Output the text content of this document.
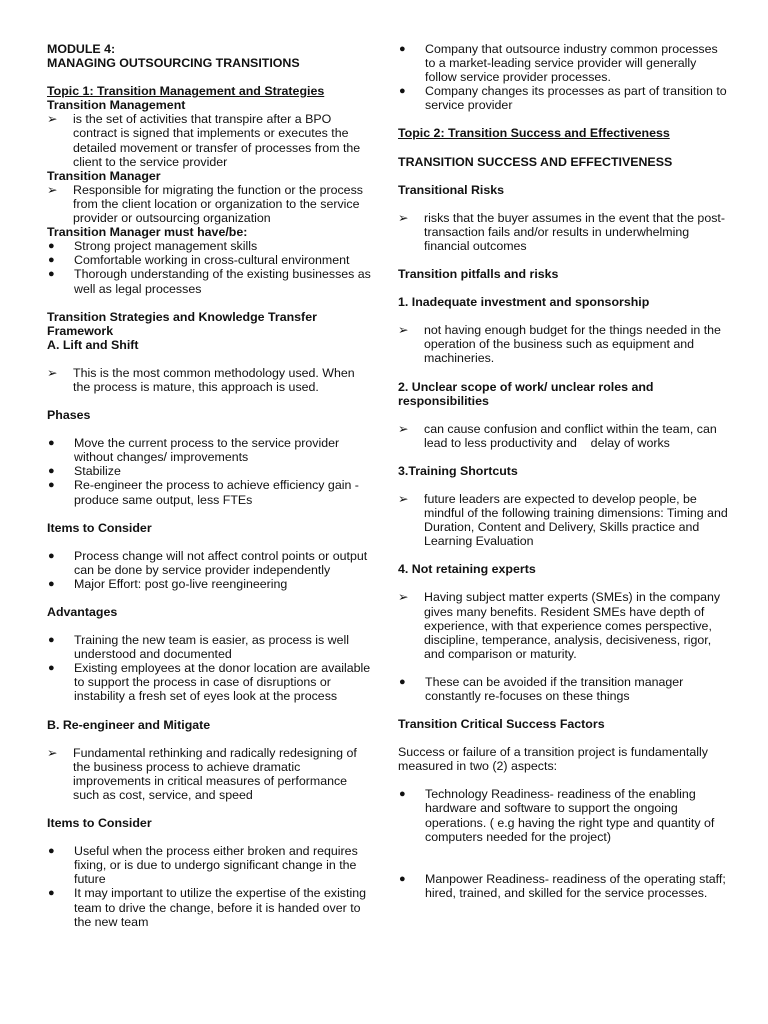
MODULE 4:

MANAGING OUTSOURCING TRANSITIONS

Topic 1: Transition Management and Strategies

Transition Management

➢	is the set of activities that transpire after a BPO contract is signed that implements or executes the detailed movement or transfer of processes from the client to the service provider

Transition Manager

➢	Responsible for migrating the function or the process from the client location or organization to the service provider or outsourcing organization

Transition Manager must have/be:

●	Strong project management skills
●	Comfortable working in cross-cultural environment
●	Thorough understanding of the existing businesses as well as legal processes

Transition Strategies and Knowledge Transfer Framework

A. Lift and Shift

➢	This is the most common methodology used. When the process is mature, this approach is used.

Phases

●	Move the current process to the service provider without changes/ improvements
●	Stabilize
●	Re-engineer the process to achieve efficiency gain - produce same output, less FTEs

Items to Consider

●	Process change will not affect control points or output can be done by service provider independently
●	Major Effort: post go-live reengineering

Advantages

●	Training the new team is easier, as process is well understood and documented
●	Existing employees at the donor location are available to support the process in case of disruptions or instability a fresh set of eyes look at the process

B. Re-engineer and Mitigate

➢	Fundamental rethinking and radically redesigning of the business process to achieve dramatic improvements in critical measures of performance such as cost, service, and speed

Items to Consider

●	Useful when the process either broken and requires fixing, or is due to undergo significant change in the future
●	It may important to utilize the expertise of the existing team to drive the change, before it is handed over to the new team
●	Company that outsource industry common processes to a market-leading service provider will generally follow service provider processes.
●	Company changes its processes as part of transition to service provider

Topic 2: Transition Success and Effectiveness

TRANSITION SUCCESS AND EFFECTIVENESS

Transitional Risks

➢	risks that the buyer assumes in the event that the post-transaction fails and/or results in underwhelming financial outcomes

Transition pitfalls and risks

1. Inadequate investment and sponsorship

➢	not having enough budget for the things needed in the operation of the business such as equipment and machineries.

2. Unclear scope of work/ unclear roles and responsibilities

➢	can cause confusion and conflict within the team, can lead to less productivity and    delay of works

3.Training Shortcuts

➢	future leaders are expected to develop people, be mindful of the following training dimensions: Timing and Duration, Content and Delivery, Skills practice and Learning Evaluation

4. Not retaining experts

➢	Having subject matter experts (SMEs) in the company gives many benefits. Resident SMEs have depth of experience, with that experience comes perspective, discipline, temperance, analysis, decisiveness, rigor, and comparison or maturity.
●	These can be avoided if the transition manager constantly re-focuses on these things

Transition Critical Success Factors

Success or failure of a transition project is fundamentally measured in two (2) aspects:

●	Technology Readiness- readiness of the enabling hardware and software to support the ongoing operations. ( e.g having the right type and quantity of computers needed for the project)
●	Manpower Readiness- readiness of the operating staff; hired, trained, and skilled for the service processes.
